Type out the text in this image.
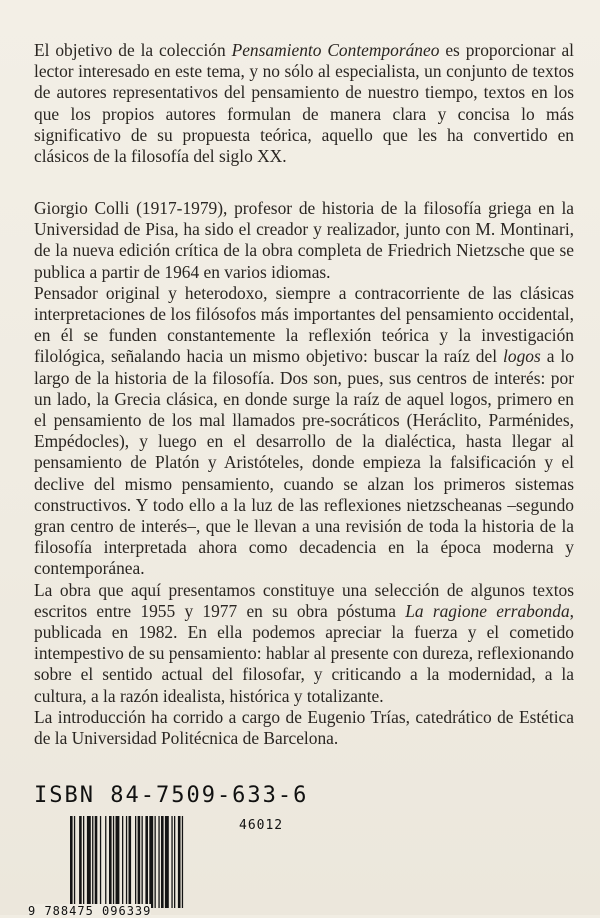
El objetivo de la colección Pensamiento Contemporáneo es proporcionar al lector interesado en este tema, y no sólo al especialista, un conjunto de textos de autores representativos del pensamiento de nuestro tiempo, textos en los que los propios autores formulan de manera clara y concisa lo más significativo de su propuesta teórica, aquello que les ha convertido en clásicos de la filosofía del siglo XX.

Giorgio Colli (1917-1979), profesor de historia de la filosofía griega en la Universidad de Pisa, ha sido el creador y realizador, junto con M. Montinari, de la nueva edición crítica de la obra completa de Friedrich Nietzsche que se publica a partir de 1964 en varios idiomas.

Pensador original y heterodoxo, siempre a contracorriente de las clásicas interpretaciones de los filósofos más importantes del pensamiento occidental, en él se funden constantemente la reflexión teórica y la investigación filológica, señalando hacia un mismo objetivo: buscar la raíz del logos a lo largo de la historia de la filosofía. Dos son, pues, sus centros de interés: por un lado, la Grecia clásica, en donde surge la raíz de aquel logos, primero en el pensamiento de los mal llamados pre-socráticos (Heráclito, Parménides, Empédocles), y luego en el desarrollo de la dialéctica, hasta llegar al pensamiento de Platón y Aristóteles, donde empieza la falsificación y el declive del mismo pensamiento, cuando se alzan los primeros sistemas constructivos. Y todo ello a la luz de las reflexiones nietzscheanas –segundo gran centro de interés–, que le llevan a una revisión de toda la historia de la filosofía interpretada ahora como decadencia en la época moderna y contemporánea.

La obra que aquí presentamos constituye una selección de algunos textos escritos entre 1955 y 1977 en su obra póstuma La ragione errabonda, publicada en 1982. En ella podemos apreciar la fuerza y el cometido intempestivo de su pensamiento: hablar al presente con dureza, reflexionando sobre el sentido actual del filosofar, y criticando a la modernidad, a la cultura, a la razón idealista, histórica y totalizante.

La introducción ha corrido a cargo de Eugenio Trías, catedrático de Estética de la Universidad Politécnica de Barcelona.

ISBN 84-7509-633-6
46012
9 788475 096339
